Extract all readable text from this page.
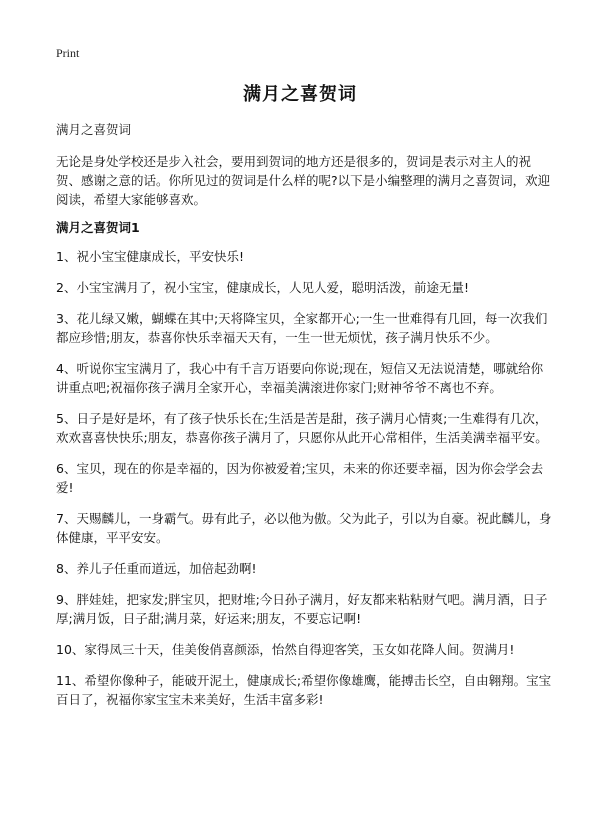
Print
满月之喜贺词

满月之喜贺词

无论是身处学校还是步入社会，要用到贺词的地方还是很多的，贺词是表示对主人的祝贺、感谢之意的话。你所见过的贺词是什么样的呢?以下是小编整理的满月之喜贺词，欢迎阅读，希望大家能够喜欢。

满月之喜贺词1

1、祝小宝宝健康成长，平安快乐!

2、小宝宝满月了，祝小宝宝，健康成长，人见人爱，聪明活泼，前途无量!

3、花儿绿又嫩，蝴蝶在其中;天将降宝贝，全家都开心;一生一世难得有几回，每一次我们都应珍惜;朋友，恭喜你快乐幸福天天有，一生一世无烦忧，孩子满月快乐不少。

4、听说你宝宝满月了，我心中有千言万语要向你说;现在，短信又无法说清楚，哪就给你讲重点吧;祝福你孩子满月全家开心，幸福美满滚进你家门;财神爷爷不离也不弃。

5、日子是好是坏，有了孩子快乐长在;生活是苦是甜，孩子满月心情爽;一生难得有几次，欢欢喜喜快快乐;朋友，恭喜你孩子满月了，只愿你从此开心常相伴，生活美满幸福平安。

6、宝贝，现在的你是幸福的，因为你被爱着;宝贝，未来的你还要幸福，因为你会学会去爱!

7、天赐麟儿，一身霸气。毋有此子，必以他为傲。父为此子，引以为自豪。祝此麟儿，身体健康，平平安安。

8、养儿子任重而道远，加倍起劲啊!

9、胖娃娃，把家发;胖宝贝，把财堆;今日孙子满月，好友都来粘粘财气吧。满月酒，日子厚;满月饭，日子甜;满月菜，好运来;朋友，不要忘记啊!

10、家得凤三十天，佳美俊俏喜颜添，怡然自得迎客笑，玉女如花降人间。贺满月!

11、希望你像种子，能破开泥土，健康成长;希望你像雄鹰，能搏击长空，自由翱翔。宝宝百日了，祝福你家宝宝未来美好，生活丰富多彩!
